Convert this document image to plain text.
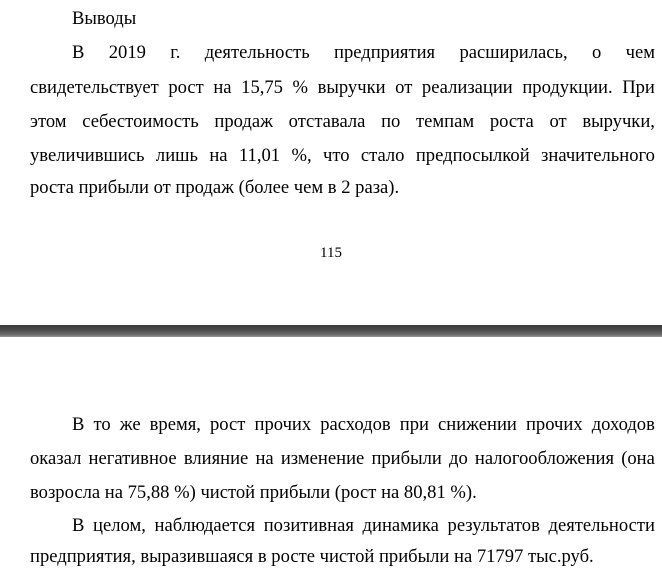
Выводы
В 2019 г. деятельность предприятия расширилась, о чем
свидетельствует рост на 15,75 % выручки от реализации продукции. При
этом себестоимость продаж отставала по темпам роста от выручки,
увеличившись лишь на 11,01 %, что стало предпосылкой значительного
роста прибыли от продаж (более чем в 2 раза).
115
В то же время, рост прочих расходов при снижении прочих доходов
оказал негативное влияние на изменение прибыли до налогообложения (она
возросла на 75,88 %) чистой прибыли (рост на 80,81 %).
В целом, наблюдается позитивная динамика результатов деятельности
предприятия, выразившаяся в росте чистой прибыли на 71797 тыс.руб.
